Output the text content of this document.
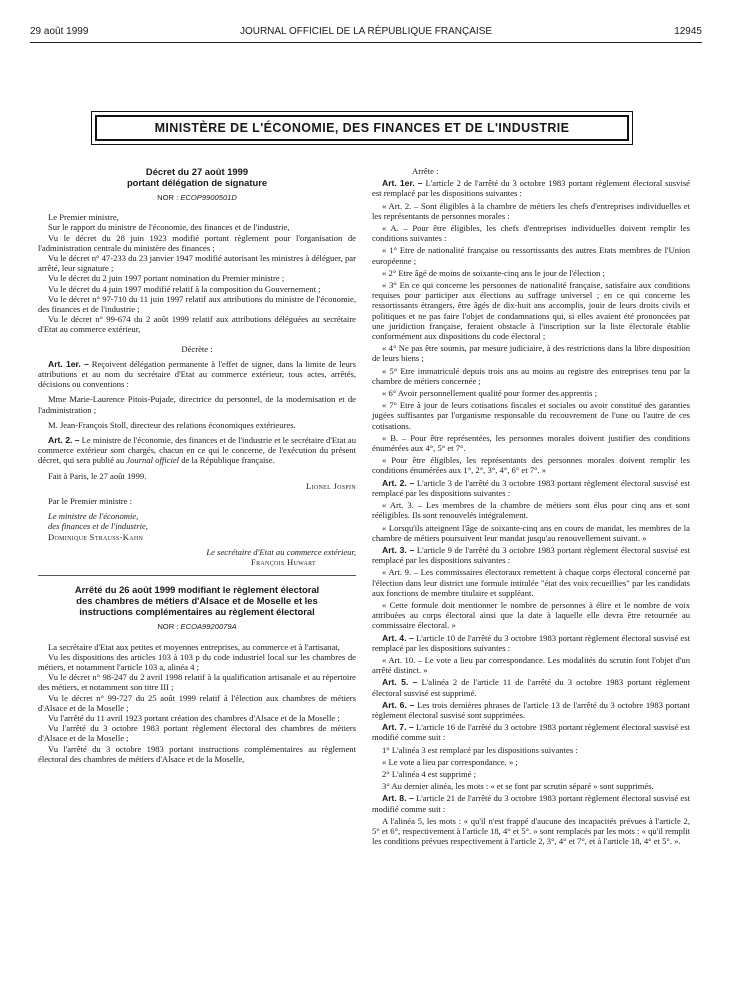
29 août 1999	JOURNAL OFFICIEL DE LA RÉPUBLIQUE FRANÇAISE	12945
MINISTÈRE DE L'ÉCONOMIE, DES FINANCES ET DE L'INDUSTRIE

Décret du 27 août 1999

portant délégation de signature

NOR : ECOP9900501D

Le Premier ministre,

Sur le rapport du ministre de l'économie, des finances et de l'industrie,

Vu le décret du 28 juin 1923 modifié portant règlement pour l'organisation de l'administration centrale du ministère des finances ;

Vu le décret n° 47-233 du 23 janvier 1947 modifié autorisant les ministres à déléguer, par arrêté, leur signature ;

Vu le décret du 2 juin 1997 portant nomination du Premier ministre ;

Vu le décret du 4 juin 1997 modifié relatif à la composition du Gouvernement ;

Vu le décret n° 97-710 du 11 juin 1997 relatif aux attributions du ministre de l'économie, des finances et de l'industrie ;

Vu le décret n° 99-674 du 2 août 1999 relatif aux attributions déléguées au secrétaire d'Etat au commerce extérieur,

Décrète :

Art. 1er. – Reçoivent délégation permanente à l'effet de signer, dans la limite de leurs attributions et au nom du secrétaire d'Etat au commerce extérieur, tous actes, arrêtés, décisions ou conventions :

Mme Marie-Laurence Pitois-Pujade, directrice du personnel, de la modernisation et de l'administration ;

M. Jean-François Stoll, directeur des relations économiques extérieures.

Art. 2. – Le ministre de l'économie, des finances et de l'industrie et le secrétaire d'Etat au commerce extérieur sont chargés, chacun en ce qui le concerne, de l'exécution du présent décret, qui sera publié au Journal officiel de la République française.

Fait à Paris, le 27 août 1999.

Lionel Jospin

Par le Premier ministre :

Le ministre de l'économie,

des finances et de l'industrie,

Dominique Strauss-Kahn

Le secrétaire d'Etat au commerce extérieur,

François Huwart

Arrêté du 26 août 1999 modifiant le règlement électoral

des chambres de métiers d'Alsace et de Moselle et les

instructions complémentaires au règlement électoral

NOR : ECOA9920079A

La secrétaire d'Etat aux petites et moyennes entreprises, au commerce et à l'artisanat,

Vu les dispositions des articles 103 à 103 p du code industriel local sur les chambres de métiers, et notamment l'article 103 a, alinéa 4 ;

Vu le décret n° 98-247 du 2 avril 1998 relatif à la qualification artisanale et au répertoire des métiers, et notamment son titre III ;

Vu le décret n° 99-727 du 25 août 1999 relatif à l'élection aux chambres de métiers d'Alsace et de la Moselle ;

Vu l'arrêté du 11 avril 1923 portant création des chambres d'Alsace et de la Moselle ;

Vu l'arrêté du 3 octobre 1983 portant règlement électoral des chambres de métiers d'Alsace et de la Moselle ;

Vu l'arrêté du 3 octobre 1983 portant instructions complémentaires au règlement électoral des chambres de métiers d'Alsace et de la Moselle,

Arrête :

Art. 1er. – L'article 2 de l'arrêté du 3 octobre 1983 portant règlement électoral susvisé est remplacé par les dispositions suivantes :

« Art. 2. – Sont éligibles à la chambre de métiers les chefs d'entreprises individuelles et les représentants de personnes morales :

« A. – Pour être éligibles, les chefs d'entreprises individuelles doivent remplir les conditions suivantes :

« 1° Etre de nationalité française ou ressortissants des autres Etats membres de l'Union européenne ;

« 2° Etre âgé de moins de soixante-cinq ans le jour de l'élection ;

« 3° En ce qui concerne les personnes de nationalité française, satisfaire aux conditions requises pour participer aux élections au suffrage universel ; en ce qui concerne les ressortissants étrangers, être âgés de dix-huit ans accomplis, jouir de leurs droits civils et politiques et ne pas faire l'objet de condamnations qui, si elles avaient été prononcées par une juridiction française, feraient obstacle à l'inscription sur la liste électorale établie conformément aux dispositions du code électoral ;

« 4° Ne pas être soumis, par mesure judiciaire, à des restrictions dans la libre disposition de leurs biens ;

« 5° Etre immatriculé depuis trois ans au moins au registre des entreprises tenu par la chambre de métiers concernée ;

« 6° Avoir personnellement qualité pour former des apprentis ;

« 7° Etre à jour de leurs cotisations fiscales et sociales ou avoir constitué des garanties jugées suffisantes par l'organisme responsable du recouvrement de l'une ou l'autre de ces cotisations.

« B. – Pour être représentées, les personnes morales doivent justifier des conditions énumérées aux 4°, 5° et 7°.

« Pour être éligibles, les représentants des personnes morales doivent remplir les conditions énumérées aux 1°, 2°, 3°, 4°, 6° et 7°. »

Art. 2. – L'article 3 de l'arrêté du 3 octobre 1983 portant règlement électoral susvisé est remplacé par les dispositions suivantes :

« Art. 3. – Les membres de la chambre de métiers sont élus pour cinq ans et sont rééligibles. Ils sont renouvelés intégralement.

« Lorsqu'ils atteignent l'âge de soixante-cinq ans en cours de mandat, les membres de la chambre de métiers poursuivent leur mandat jusqu'au renouvellement suivant. »

Art. 3. – L'article 9 de l'arrêté du 3 octobre 1983 portant règlement électoral susvisé est remplacé par les dispositions suivantes :

« Art. 9. – Les commissaires électoraux remettent à chaque corps électoral concerné par l'élection dans leur district une formule intitulée "état des voix recueillies" par les candidats aux fonctions de membre titulaire et suppléant.

« Cette formule doit mentionner le nombre de personnes à élire et le nombre de voix attribuées au corps électoral ainsi que la date à laquelle elle devra être retournée au commissaire électoral. »

Art. 4. – L'article 10 de l'arrêté du 3 octobre 1983 portant règlement électoral susvisé est remplacé par les dispositions suivantes :

« Art. 10. – Le vote a lieu par correspondance. Les modalités du scrutin font l'objet d'un arrêté distinct. »

Art. 5. – L'alinéa 2 de l'article 11 de l'arrêté du 3 octobre 1983 portant règlement électoral susvisé est supprimé.

Art. 6. – Les trois dernières phrases de l'article 13 de l'arrêté du 3 octobre 1983 portant règlement électoral susvisé sont supprimées.

Art. 7. – L'article 16 de l'arrêté du 3 octobre 1983 portant règlement électoral susvisé est modifié comme suit :

1° L'alinéa 3 est remplacé par les dispositions suivantes :

« Le vote a lieu par correspondance. » ;

2° L'alinéa 4 est supprimé ;

3° Au dernier alinéa, les mots : « et se font par scrutin séparé » sont supprimés.

Art. 8. – L'article 21 de l'arrêté du 3 octobre 1983 portant règlement électoral susvisé est modifié comme suit :

A l'alinéa 5, les mots : « qu'il n'est frappé d'aucune des incapacités prévues à l'article 2, 5° et 6°, respectivement à l'article 18, 4° et 5°. » sont remplacés par les mots : « qu'il remplit les conditions prévues respectivement à l'article 2, 3°, 4° et 7°, et à l'article 18, 4° et 5°. ».
